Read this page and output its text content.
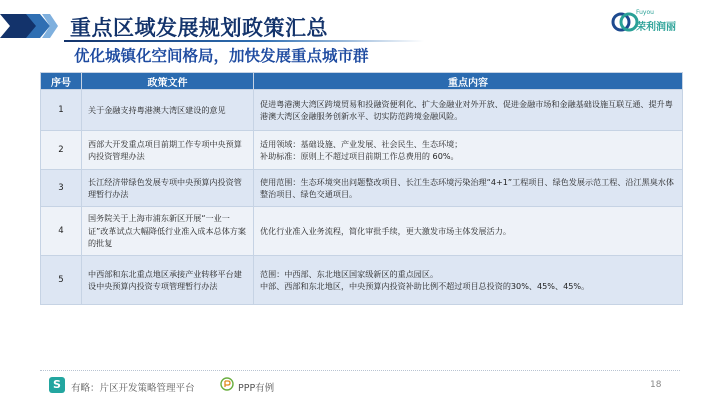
重点区域发展规划政策汇总
优化城镇化空间格局，加快发展重点城市群
Fuyou
荣利润丽
序号	政策文件	重点内容
1	关于金融支持粤港澳大湾区建设的意见	促进粤港澳大湾区跨境贸易和投融资便利化、扩大金融业对外开放、促进金融市场和金融基础设施互联互通、提升粤港澳大湾区金融服务创新水平、切实防范跨境金融风险。
2	西部大开发重点项目前期工作专项中央预算内投资管理办法	适用领域：基础设施、产业发展、社会民生、生态环境；
补助标准：原则上不超过项目前期工作总费用的 60%。

3	长江经济带绿色发展专项中央预算内投资管理暂行办法	使用范围：生态环境突出问题整改项目、长江生态环境污染治理“4+1”工程项目、绿色发展示范工程、沿江黑臭水体整治项目、绿色交通项目。
4	国务院关于上海市浦东新区开展“一业一证”改革试点大幅降低行业准入成本总体方案的批复	优化行业准入业务流程，简化审批手续，更大激发市场主体发展活力。
5	中西部和东北重点地区承接产业转移平台建设中央预算内投资专项管理暂行办法	范围：中西部、东北地区国家级新区的重点园区。
中部、西部和东北地区，中央预算内投资补助比例不超过项目总投资的30%、45%、45%。
S	有略：片区开发策略管理平台	PPP有例	18
